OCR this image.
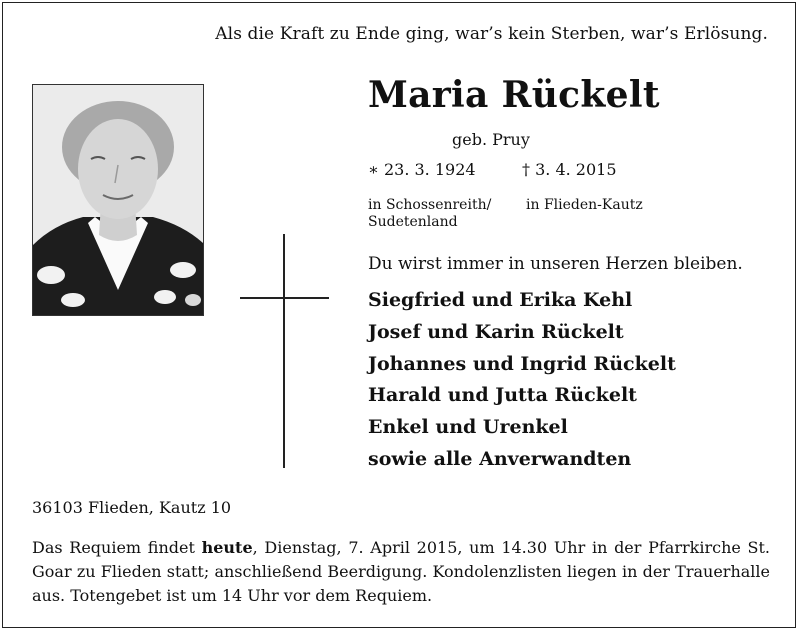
Als die Kraft zu Ende ging, war’s kein Sterben, war’s Erlösung.
Maria Rückelt
geb. Pruy
∗ 23. 3. 1924	† 3. 4. 2015
in Schossenreith/
Sudetenland
in Flieden-Kautz
Du wirst immer in unseren Herzen bleiben.
Siegfried und Erika Kehl
Josef und Karin Rückelt
Johannes und Ingrid Rückelt
Harald und Jutta Rückelt
Enkel und Urenkel
sowie alle Anverwandten
36103 Flieden, Kautz 10
Das Requiem findet heute, Dienstag, 7. April 2015, um 14.30 Uhr in der Pfarrkirche St. Goar zu Flieden statt; anschließend Beerdigung. Kondolenzlisten liegen in der Trauerhalle aus. Totengebet ist um 14 Uhr vor dem Requiem.
